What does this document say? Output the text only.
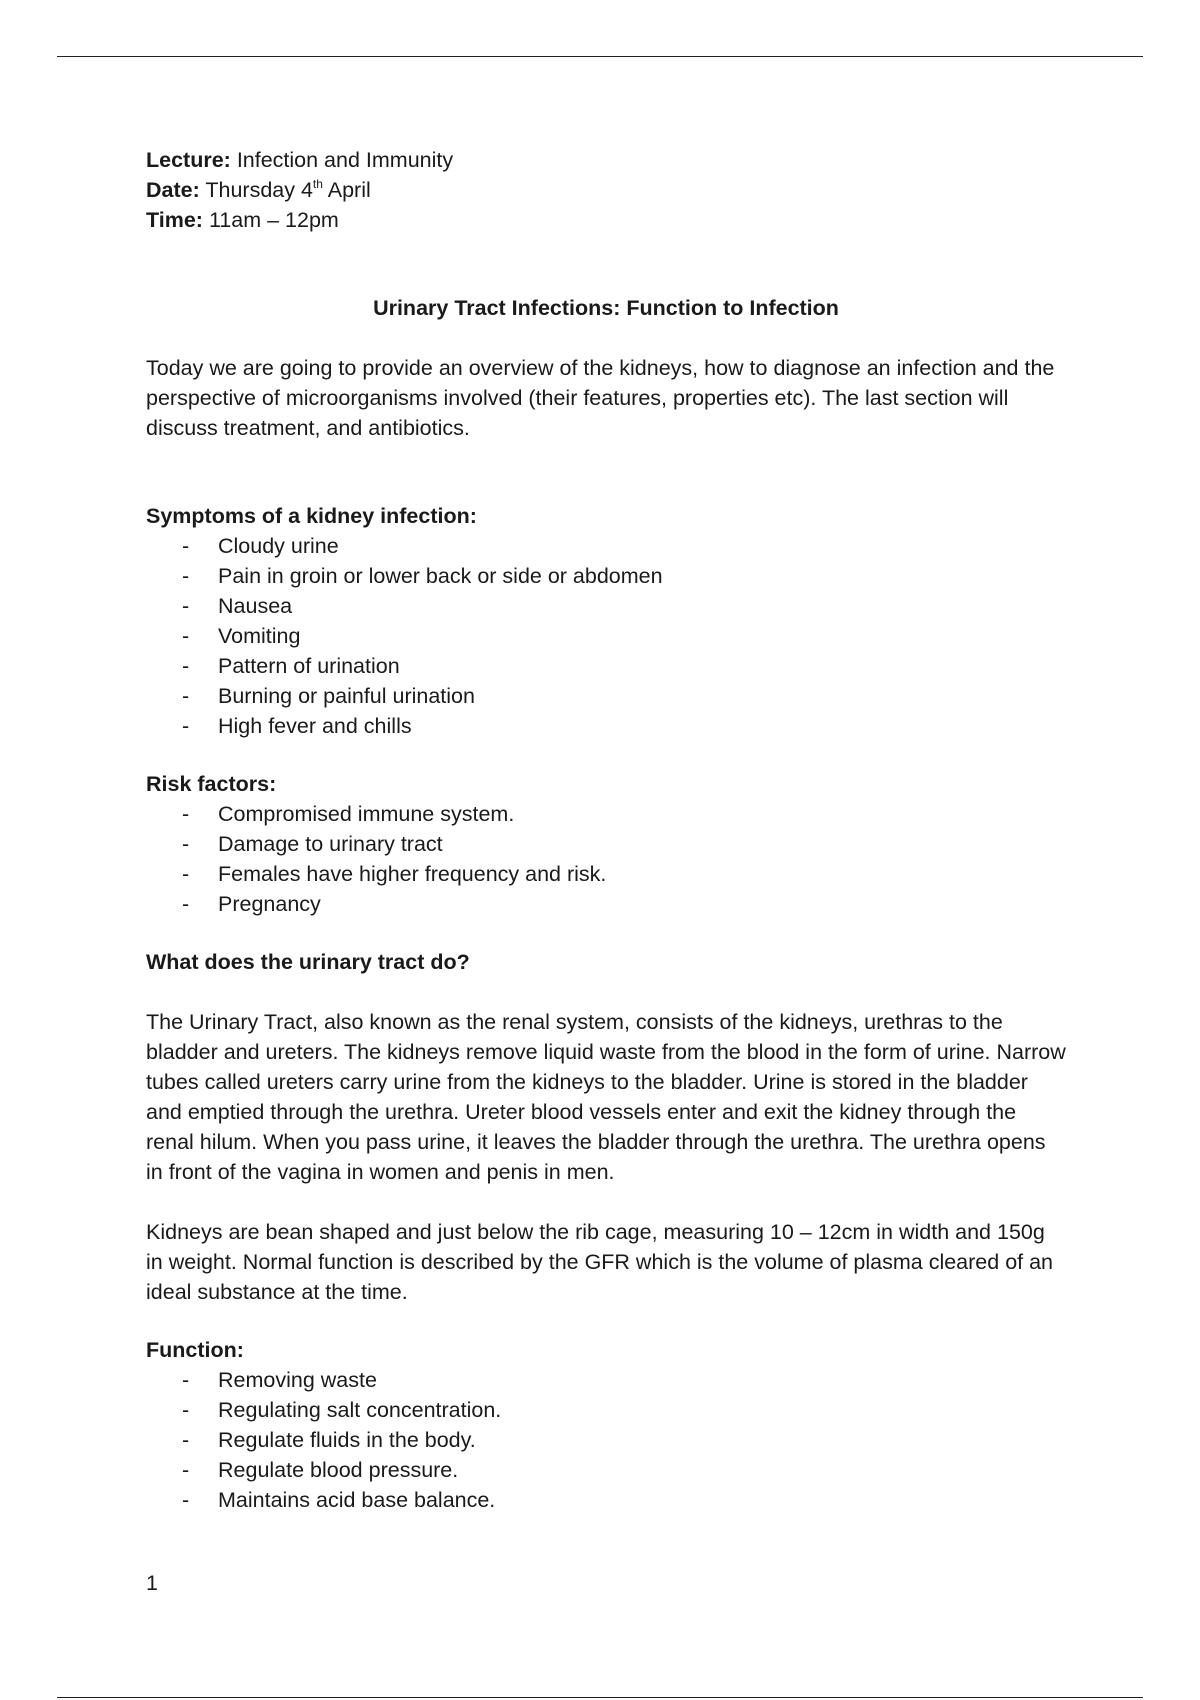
Lecture: Infection and Immunity

Date: Thursday 4th April

Time: 11am – 12pm

Urinary Tract Infections: Function to Infection

Today we are going to provide an overview of the kidneys, how to diagnose an infection and the perspective of microorganisms involved (their features, properties etc). The last section will discuss treatment, and antibiotics.

Symptoms of a kidney infection:

- Cloudy urine
- Pain in groin or lower back or side or abdomen
- Nausea
- Vomiting
- Pattern of urination
- Burning or painful urination
- High fever and chills

Risk factors:

- Compromised immune system.
- Damage to urinary tract
- Females have higher frequency and risk.
- Pregnancy

What does the urinary tract do?

The Urinary Tract, also known as the renal system, consists of the kidneys, urethras to the bladder and ureters. The kidneys remove liquid waste from the blood in the form of urine. Narrow tubes called ureters carry urine from the kidneys to the bladder. Urine is stored in the bladder and emptied through the urethra. Ureter blood vessels enter and exit the kidney through the renal hilum. When you pass urine, it leaves the bladder through the urethra. The urethra opens in front of the vagina in women and penis in men.

Kidneys are bean shaped and just below the rib cage, measuring 10 – 12cm in width and 150g in weight. Normal function is described by the GFR which is the volume of plasma cleared of an ideal substance at the time.

Function:

- Removing waste
- Regulating salt concentration.
- Regulate fluids in the body.
- Regulate blood pressure.
- Maintains acid base balance.
1
